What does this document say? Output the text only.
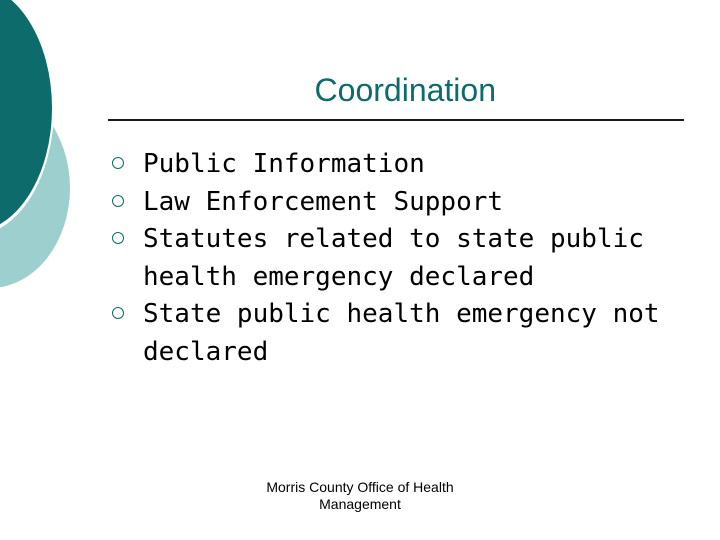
Coordination
Public Information
Law Enforcement Support
Statutes related to state public health emergency declared
State public health emergency not declared
Morris County Office of Health
Management
